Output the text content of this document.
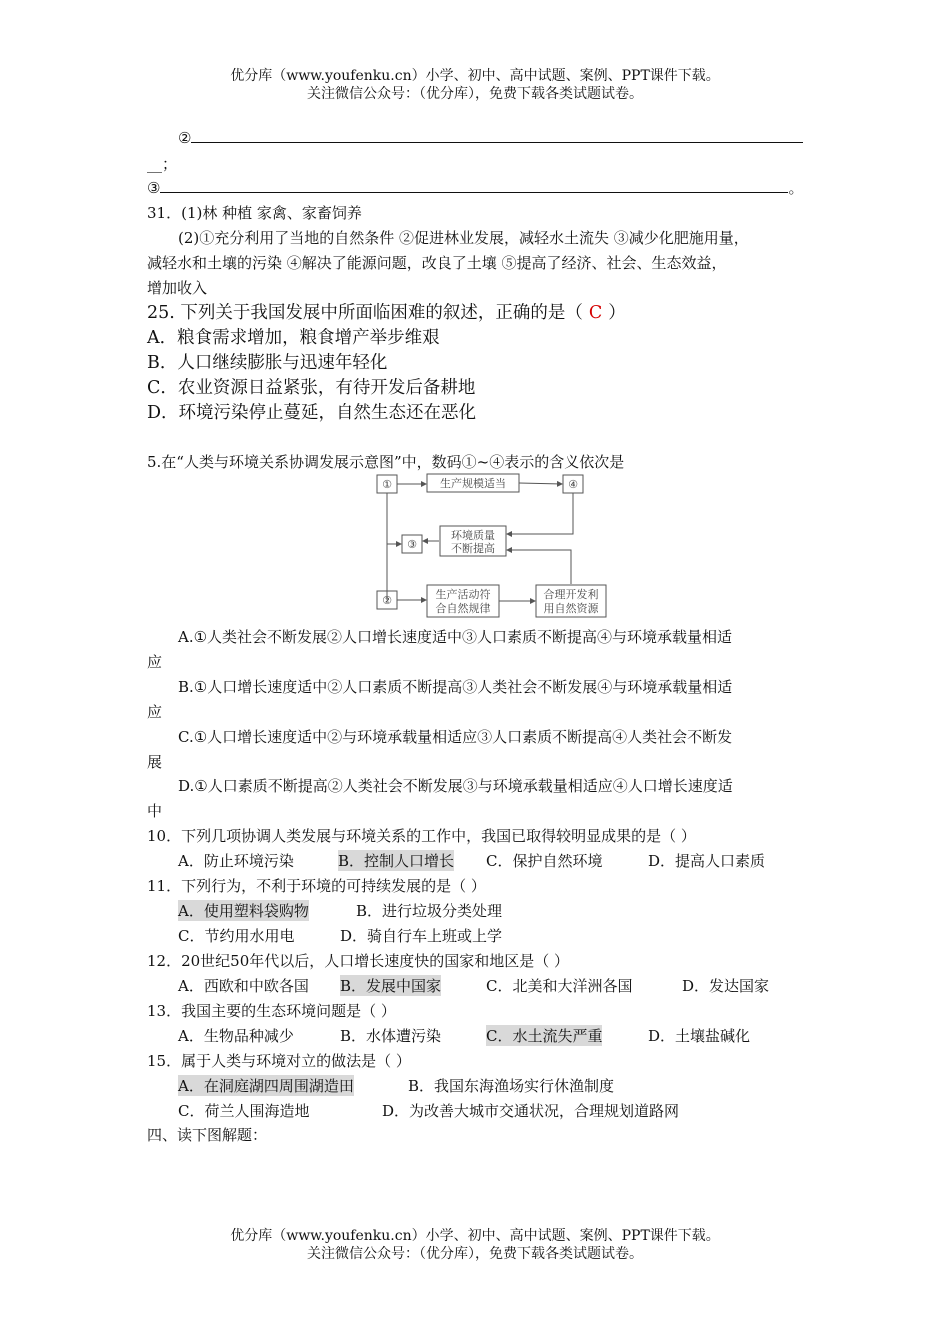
优分库（www.youfenku.cn）小学、初中、高中试题、案例、PPT课件下载。
关注微信公众号：（优分库），免费下载各类试题试卷。
②
__；
③	。
31．(1)林 种植 家禽、家畜饲养
(2)①充分利用了当地的自然条件 ②促进林业发展，减轻水土流失 ③减少化肥施用量，
减轻水和土壤的污染 ④解决了能源问题，改良了土壤 ⑤提高了经济、社会、生态效益，
增加收入
25. 下列关于我国发展中所面临困难的叙述，正确的是（ C ）
A．粮食需求增加，粮食增产举步维艰
B．人口继续膨胀与迅速年轻化
C．农业资源日益紧张，有待开发后备耕地
D．环境污染停止蔓延，自然生态还在恶化
5.在“人类与环境关系协调发展示意图”中，数码①~④表示的含义依次是
①	生产规模适当	④
③
环境质量
不断提高
②	生产活动符
合自然规律
合理开发利
用自然资源
A.①人类社会不断发展②人口增长速度适中③人口素质不断提高④与环境承载量相适
应
B.①人口增长速度适中②人口素质不断提高③人类社会不断发展④与环境承载量相适
应
C.①人口增长速度适中②与环境承载量相适应③人口素质不断提高④人类社会不断发
展
D.①人口素质不断提高②人类社会不断发展③与环境承载量相适应④人口增长速度适
中
10．下列几项协调人类发展与环境关系的工作中，我国已取得较明显成果的是（ ）
A．防止环境污染	B．控制人口增长 C．保护自然环境	D．提高人口素质
11．下列行为，不利于环境的可持续发展的是（ ）
A．使用塑料袋购物	B．进行垃圾分类处理
C．节约用水用电	D．骑自行车上班或上学
12．20世纪50年代以后，人口增长速度快的国家和地区是（ ）
A．西欧和中欧各国 B．发展中国家	C．北美和大洋洲各国	D．发达国家
13．我国主要的生态环境问题是（ ）
A．生物品种减少	B．水体遭污染	C．水土流失严重	D．土壤盐碱化
15．属于人类与环境对立的做法是（ ）
A．在洞庭湖四周围湖造田	B．我国东海渔场实行休渔制度
C．荷兰人围海造地	D．为改善大城市交通状况，合理规划道路网
四、读下图解题：
优分库（www.youfenku.cn）小学、初中、高中试题、案例、PPT课件下载。
关注微信公众号：（优分库），免费下载各类试题试卷。
